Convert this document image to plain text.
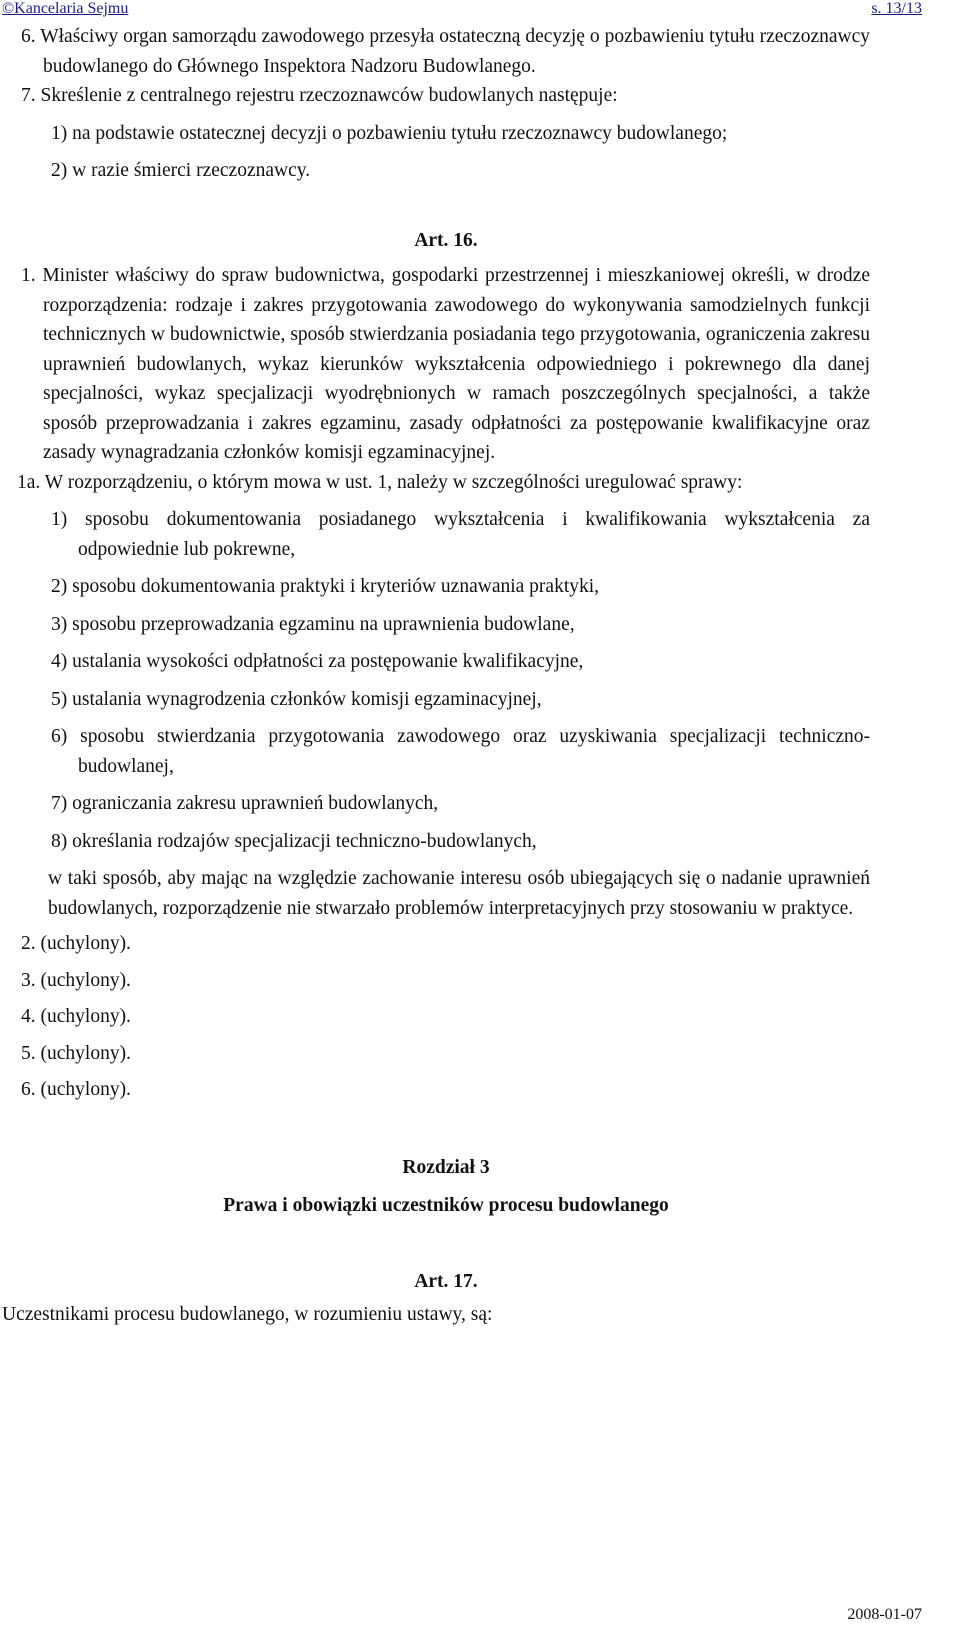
©Kancelaria Sejmu	s. 13/13

6. Właściwy organ samorządu zawodowego przesyła ostateczną decyzję o pozbawieniu tytułu rzeczoznawcy budowlanego do Głównego Inspektora Nadzoru Budowlanego.

7. Skreślenie z centralnego rejestru rzeczoznawców budowlanych następuje:

1) na podstawie ostatecznej decyzji o pozbawieniu tytułu rzeczoznawcy budowlanego;

2) w razie śmierci rzeczoznawcy.

Art. 16.

1. Minister właściwy do spraw budownictwa, gospodarki przestrzennej i mieszkaniowej określi, w drodze rozporządzenia: rodzaje i zakres przygotowania zawodowego do wykonywania samodzielnych funkcji technicznych w budownictwie, sposób stwierdzania posiadania tego przygotowania, ograniczenia zakresu uprawnień budowlanych, wykaz kierunków wykształcenia odpowiedniego i pokrewnego dla danej specjalności, wykaz specjalizacji wyodrębnionych w ramach poszczególnych specjalności, a także sposób przeprowadzania i zakres egzaminu, zasady odpłatności za postępowanie kwalifikacyjne oraz zasady wynagradzania członków komisji egzaminacyjnej.

1a. W rozporządzeniu, o którym mowa w ust. 1, należy w szczególności uregulować sprawy:

1) sposobu dokumentowania posiadanego wykształcenia i kwalifikowania wykształcenia za odpowiednie lub pokrewne,

2) sposobu dokumentowania praktyki i kryteriów uznawania praktyki,

3) sposobu przeprowadzania egzaminu na uprawnienia budowlane,

4) ustalania wysokości odpłatności za postępowanie kwalifikacyjne,

5) ustalania wynagrodzenia członków komisji egzaminacyjnej,

6) sposobu stwierdzania przygotowania zawodowego oraz uzyskiwania specjalizacji techniczno-budowlanej,

7) ograniczania zakresu uprawnień budowlanych,

8) określania rodzajów specjalizacji techniczno-budowlanych,

w taki sposób, aby mając na względzie zachowanie interesu osób ubiegających się o nadanie uprawnień budowlanych, rozporządzenie nie stwarzało problemów interpretacyjnych przy stosowaniu w praktyce.

2. (uchylony).

3. (uchylony).

4. (uchylony).

5. (uchylony).

6. (uchylony).

Rozdział 3

Prawa i obowiązki uczestników procesu budowlanego

Art. 17.

Uczestnikami procesu budowlanego, w rozumieniu ustawy, są:

2008-01-07
